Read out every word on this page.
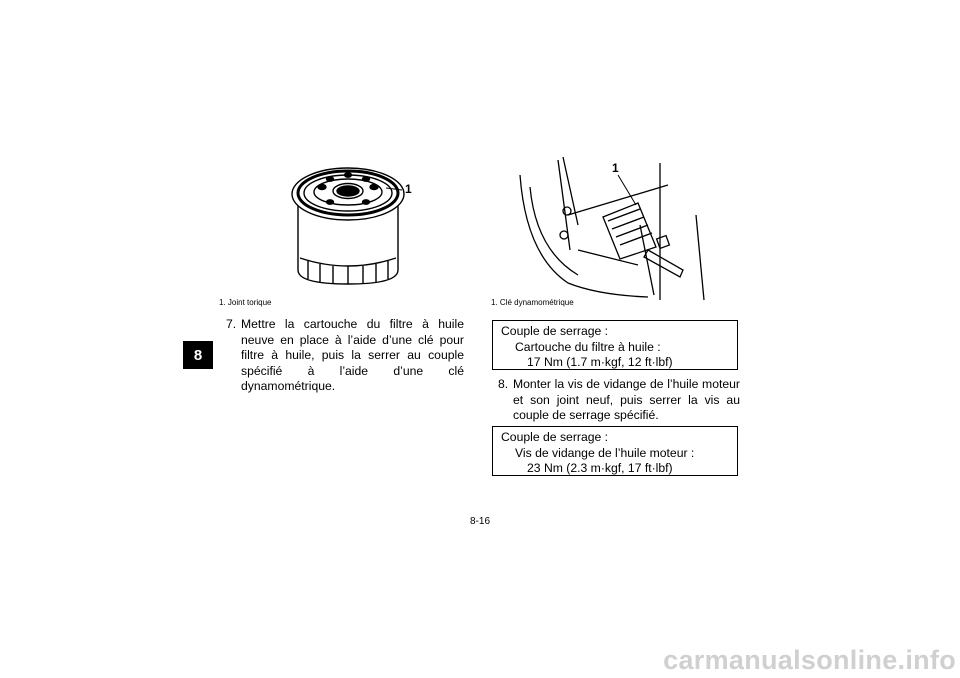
8
1
1. Joint torique
1
1. Clé dynamométrique
7. Mettre la cartouche du filtre à huile neuve en place à l’aide d’une clé pour filtre à huile, puis la serrer au couple spécifié à l’aide d’une clé dynamométrique.
Couple de serrage :
Cartouche du filtre à huile :
17 Nm (1.7 m·kgf, 12 ft·lbf)
8. Monter la vis de vidange de l’huile moteur et son joint neuf, puis serrer la vis au couple de serrage spécifié.
Couple de serrage :
Vis de vidange de l’huile moteur :
23 Nm (2.3 m·kgf, 17 ft·lbf)
8-16
carmanualsonline.info
